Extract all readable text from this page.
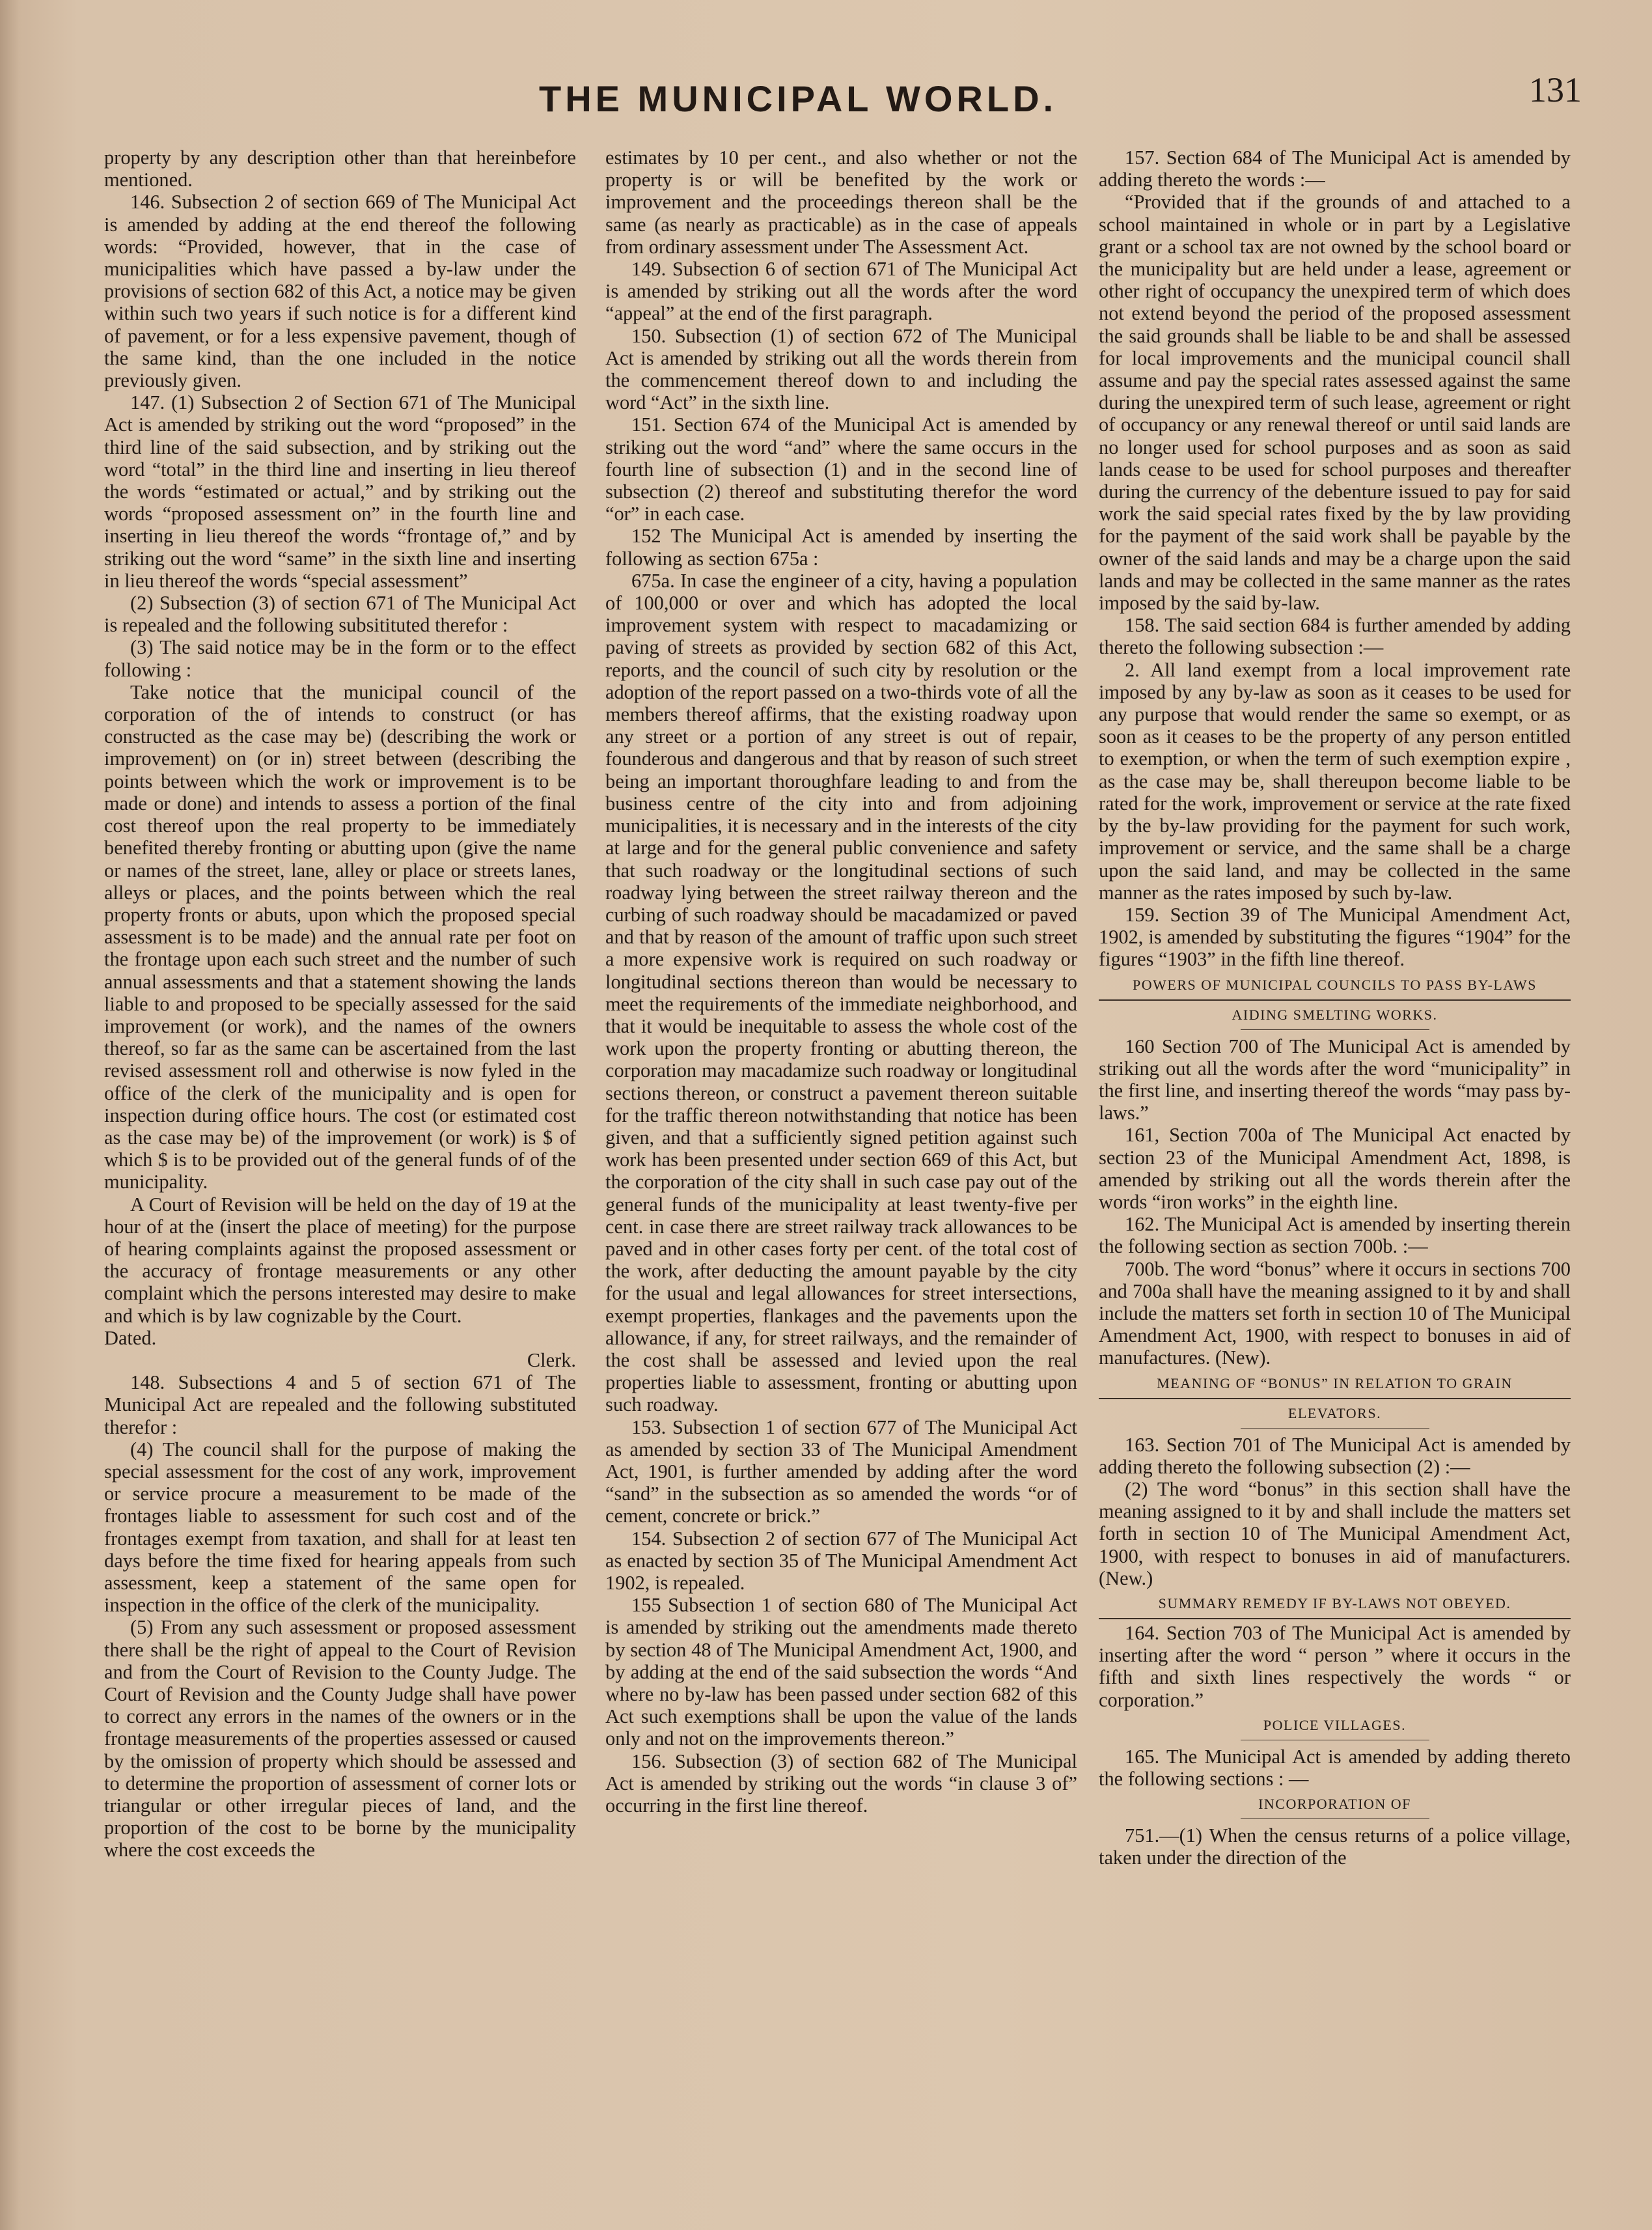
THE MUNICIPAL WORLD.	131

property by any description other than that hereinbefore mentioned.

146. Subsection 2 of section 669 of The Municipal Act is amended by adding at the end thereof the following words: “Provided, however, that in the case of municipalities which have passed a by-law under the provisions of section 682 of this Act, a notice may be given within such two years if such notice is for a different kind of pavement, or for a less expensive pavement, though of the same kind, than the one included in the notice previously given.

147. (1) Subsection 2 of Section 671 of The Municipal Act is amended by striking out the word “proposed” in the third line of the said subsection, and by striking out the word “total” in the third line and inserting in lieu thereof the words “estimated or actual,” and by striking out the words “proposed assessment on” in the fourth line and inserting in lieu thereof the words “frontage of,” and by striking out the word “same” in the sixth line and inserting in lieu thereof the words “special assessment”

(2) Subsection (3) of section 671 of The Municipal Act is repealed and the following subsitituted therefor :

(3) The said notice may be in the form or to the effect following :

Take notice that the municipal council of the corporation of the of intends to construct (or has constructed as the case may be) (describing the work or improvement) on (or in) street between (describing the points between which the work or improvement is to be made or done) and intends to assess a portion of the final cost thereof upon the real property to be immediately benefited thereby fronting or abutting upon (give the name or names of the street, lane, alley or place or streets lanes, alleys or places, and the points between which the real property fronts or abuts, upon which the proposed special assessment is to be made) and the annual rate per foot on the frontage upon each such street and the number of such annual assessments and that a statement showing the lands liable to and proposed to be specially assessed for the said improvement (or work), and the names of the owners thereof, so far as the same can be ascertained from the last revised assessment roll and otherwise is now fyled in the office of the clerk of the municipality and is open for inspection during office hours. The cost (or estimated cost as the case may be) of the improvement (or work) is $ of which $ is to be provided out of the general funds of of the municipality.

A Court of Revision will be held on the day of 19 at the hour of at the (insert the place of meeting) for the purpose of hearing complaints against the proposed assessment or the accuracy of frontage measurements or any other complaint which the persons interested may desire to make and which is by law cognizable by the Court.

Dated.

Clerk.

148. Subsections 4 and 5 of section 671 of The Municipal Act are repealed and the following substituted therefor :

(4) The council shall for the purpose of making the special assessment for the cost of any work, improvement or service procure a measurement to be made of the frontages liable to assessment for such cost and of the frontages exempt from taxation, and shall for at least ten days before the time fixed for hearing appeals from such assessment, keep a statement of the same open for inspection in the office of the clerk of the municipality.

(5) From any such assessment or proposed assessment there shall be the right of appeal to the Court of Revision and from the Court of Revision to the County Judge. The Court of Revision and the County Judge shall have power to correct any errors in the names of the owners or in the frontage measurements of the properties assessed or caused by the omission of property which should be assessed and to determine the proportion of assessment of corner lots or triangular or other irregular pieces of land, and the proportion of the cost to be borne by the municipality where the cost exceeds the

estimates by 10 per cent., and also whether or not the property is or will be benefited by the work or improvement and the proceedings thereon shall be the same (as nearly as practicable) as in the case of appeals from ordinary assessment under The Assessment Act.

149. Subsection 6 of section 671 of The Municipal Act is amended by striking out all the words after the word “appeal” at the end of the first paragraph.

150. Subsection (1) of section 672 of The Municipal Act is amended by striking out all the words therein from the commencement thereof down to and including the word “Act” in the sixth line.

151. Section 674 of the Municipal Act is amended by striking out the word “and” where the same occurs in the fourth line of subsection (1) and in the second line of subsection (2) thereof and substituting therefor the word “or” in each case.

152 The Municipal Act is amended by inserting the following as section 675a :

675a. In case the engineer of a city, having a population of 100,000 or over and which has adopted the local improvement system with respect to macadamizing or paving of streets as provided by section 682 of this Act, reports, and the council of such city by resolution or the adoption of the report passed on a two-thirds vote of all the members thereof affirms, that the existing roadway upon any street or a portion of any street is out of repair, founderous and dangerous and that by reason of such street being an important thoroughfare leading to and from the business centre of the city into and from adjoining municipalities, it is necessary and in the interests of the city at large and for the general public convenience and safety that such roadway or the longitudinal sections of such roadway lying between the street railway thereon and the curbing of such roadway should be macadamized or paved and that by reason of the amount of traffic upon such street a more expensive work is required on such roadway or longitudinal sections thereon than would be necessary to meet the requirements of the immediate neighborhood, and that it would be inequitable to assess the whole cost of the work upon the property fronting or abutting thereon, the corporation may macadamize such roadway or longitudinal sections thereon, or construct a pavement thereon suitable for the traffic thereon notwithstanding that notice has been given, and that a sufficiently signed petition against such work has been presented under section 669 of this Act, but the corporation of the city shall in such case pay out of the general funds of the municipality at least twenty-five per cent. in case there are street railway track allowances to be paved and in other cases forty per cent. of the total cost of the work, after deducting the amount payable by the city for the usual and legal allowances for street intersections, exempt properties, flankages and the pavements upon the allowance, if any, for street railways, and the remainder of the cost shall be assessed and levied upon the real properties liable to assessment, fronting or abutting upon such roadway.

153. Subsection 1 of section 677 of The Municipal Act as amended by section 33 of The Municipal Amendment Act, 1901, is further amended by adding after the word “sand” in the subsection as so amended the words “or of cement, concrete or brick.”

154. Subsection 2 of section 677 of The Municipal Act as enacted by section 35 of The Municipal Amendment Act 1902, is repealed.

155 Subsection 1 of section 680 of The Municipal Act is amended by striking out the amendments made thereto by section 48 of The Municipal Amendment Act, 1900, and by adding at the end of the said subsection the words “And where no by-law has been passed under section 682 of this Act such exemptions shall be upon the value of the lands only and not on the improvements thereon.”

156. Subsection (3) of section 682 of The Municipal Act is amended by striking out the words “in clause 3 of” occurring in the first line thereof.

157. Section 684 of The Municipal Act is amended by adding thereto the words :—

“Provided that if the grounds of and attached to a school maintained in whole or in part by a Legislative grant or a school tax are not owned by the school board or the municipality but are held under a lease, agreement or other right of occupancy the unexpired term of which does not extend beyond the period of the proposed assessment the said grounds shall be liable to be and shall be assessed for local improvements and the municipal council shall assume and pay the special rates assessed against the same during the unexpired term of such lease, agreement or right of occupancy or any renewal thereof or until said lands are no longer used for school purposes and as soon as said lands cease to be used for school purposes and thereafter during the currency of the debenture issued to pay for said work the said special rates fixed by the by law providing for the payment of the said work shall be payable by the owner of the said lands and may be a charge upon the said lands and may be collected in the same manner as the rates imposed by the said by-law.

158. The said section 684 is further amended by adding thereto the following subsection :—

2. All land exempt from a local improvement rate imposed by any by-law as soon as it ceases to be used for any purpose that would render the same so exempt, or as soon as it ceases to be the property of any person entitled to exemption, or when the term of such exemption expire , as the case may be, shall thereupon become liable to be rated for the work, improvement or service at the rate fixed by the by-law providing for the payment for such work, improvement or service, and the same shall be a charge upon the said land, and may be collected in the same manner as the rates imposed by such by-law.

159. Section 39 of The Municipal Amendment Act, 1902, is amended by substituting the figures “1904” for the figures “1903” in the fifth line thereof.

POWERS OF MUNICIPAL COUNCILS TO PASS BY-LAWS

AIDING SMELTING WORKS.

160 Section 700 of The Municipal Act is amended by striking out all the words after the word “municipality” in the first line, and inserting thereof the words “may pass by-laws.”

161, Section 700a of The Municipal Act enacted by section 23 of the Municipal Amendment Act, 1898, is amended by striking out all the words therein after the words “iron works” in the eighth line.

162. The Municipal Act is amended by inserting therein the following section as section 700b. :—

700b. The word “bonus” where it occurs in sections 700 and 700a shall have the meaning assigned to it by and shall include the matters set forth in section 10 of The Municipal Amendment Act, 1900, with respect to bonuses in aid of manufactures. (New).

MEANING OF “BONUS” IN RELATION TO GRAIN

ELEVATORS.

163. Section 701 of The Municipal Act is amended by adding thereto the following subsection (2) :—

(2) The word “bonus” in this section shall have the meaning assigned to it by and shall include the matters set forth in section 10 of The Municipal Amendment Act, 1900, with respect to bonuses in aid of manufacturers. (New.)

SUMMARY REMEDY IF BY-LAWS NOT OBEYED.

164. Section 703 of The Municipal Act is amended by inserting after the word “ person ” where it occurs in the fifth and sixth lines respectively the words “ or corporation.”

POLICE VILLAGES.

165. The Municipal Act is amended by adding thereto the following sections : —

INCORPORATION OF

751.—(1) When the census returns of a police village, taken under the direction of the
